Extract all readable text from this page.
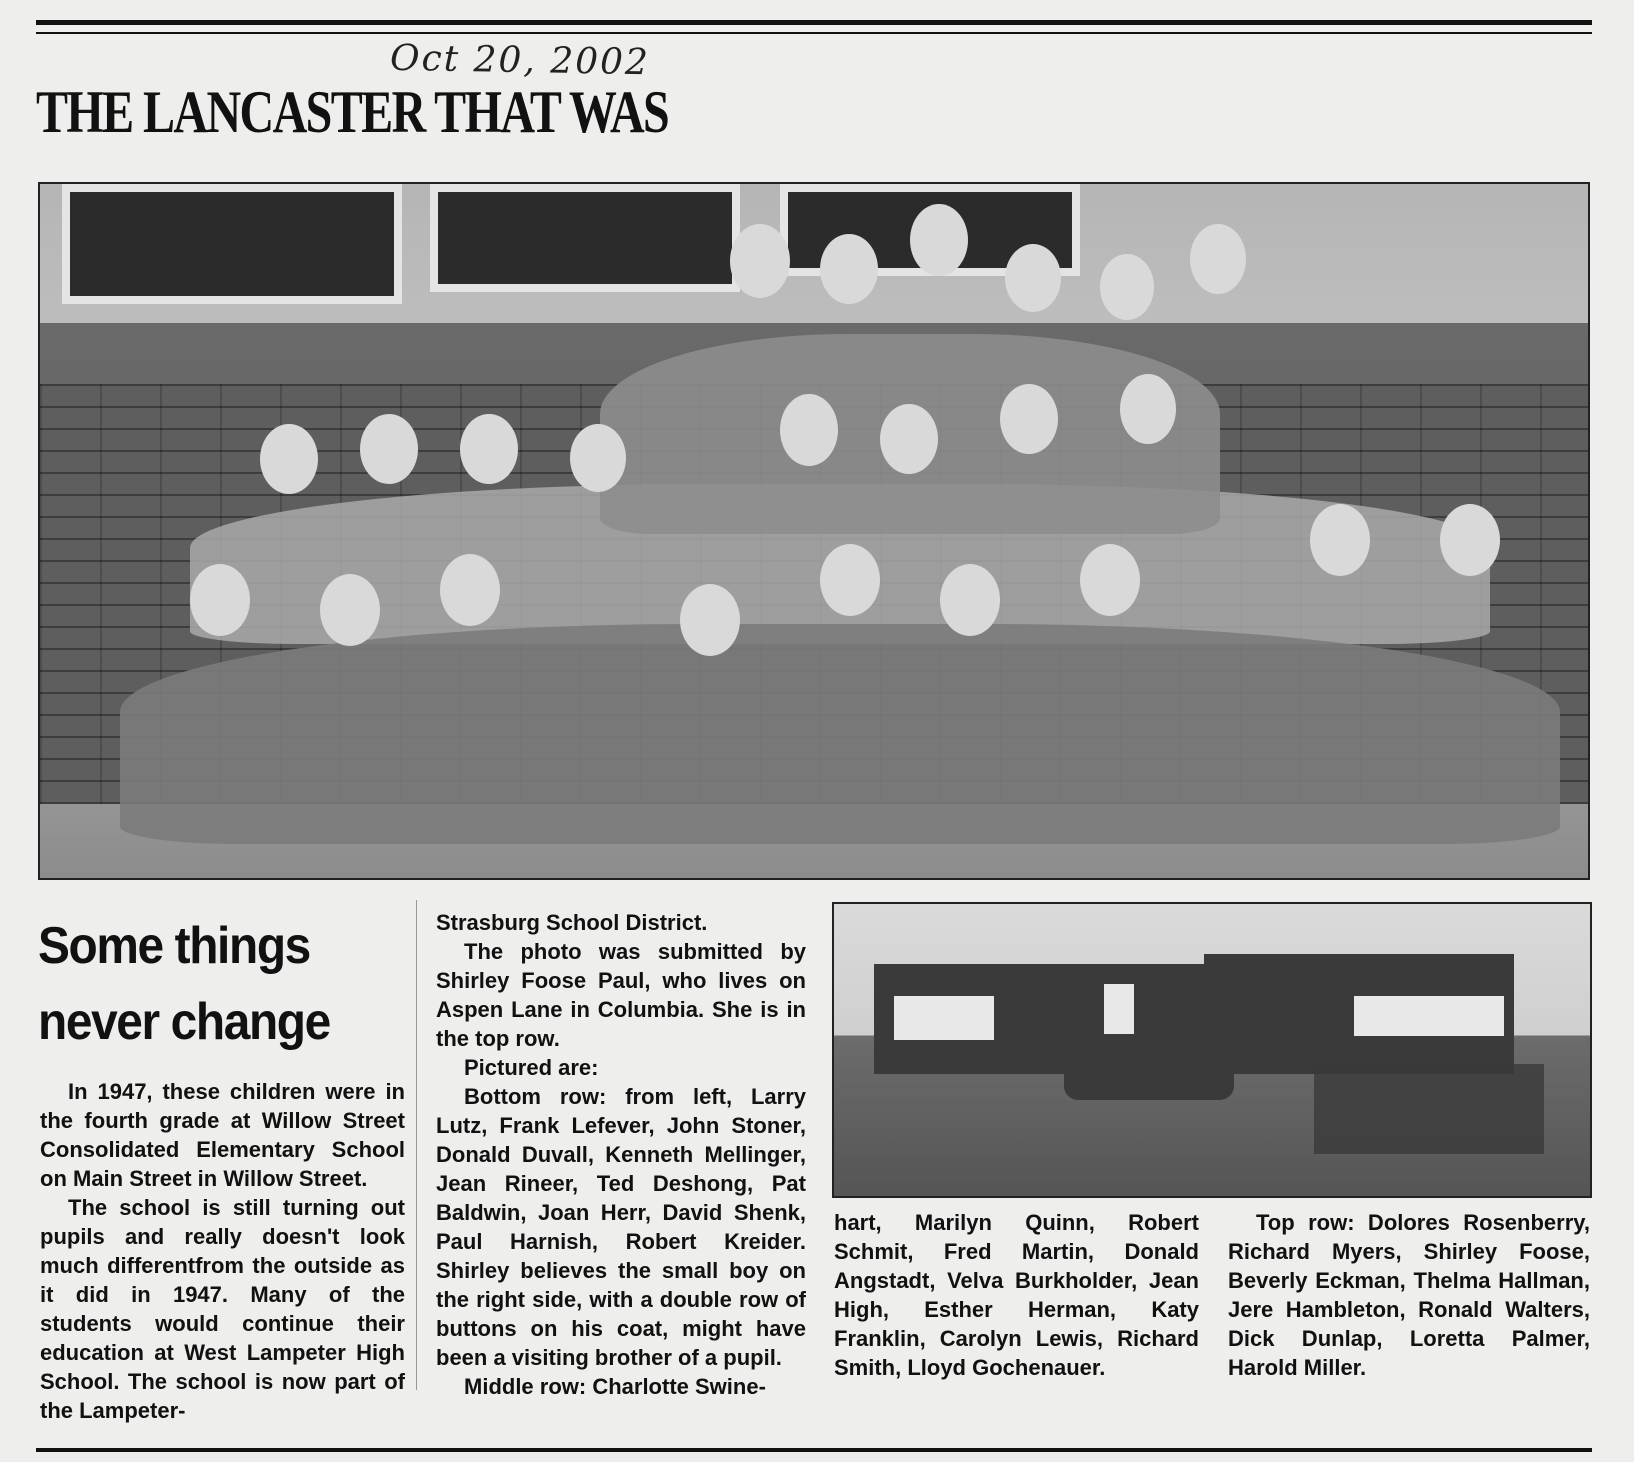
Oct 20, 2002
THE LANCASTER THAT WAS
Some things never change

In 1947, these children were in the fourth grade at Willow Street Consolidated Elementary School on Main Street in Willow Street.

The school is still turning out pupils and really doesn't look much differentfrom the outside as it did in 1947. Many of the students would continue their education at West Lampeter High School. The school is now part of the Lampeter-

Strasburg School District.

The photo was submitted by Shirley Foose Paul, who lives on Aspen Lane in Columbia. She is in the top row.

Pictured are:

Bottom row: from left, Larry Lutz, Frank Lefever, John Stoner, Donald Duvall, Kenneth Mellinger, Jean Rineer, Ted Deshong, Pat Baldwin, Joan Herr, David Shenk, Paul Harnish, Robert Kreider. Shirley believes the small boy on the right side, with a double row of buttons on his coat, might have been a visiting brother of a pupil.

Middle row: Charlotte Swine-

hart, Marilyn Quinn, Robert Schmit, Fred Martin, Donald Angstadt, Velva Burkholder, Jean High, Esther Herman, Katy Franklin, Carolyn Lewis, Richard Smith, Lloyd Gochenauer.

Top row: Dolores Rosenberry, Richard Myers, Shirley Foose, Beverly Eckman, Thelma Hallman, Jere Hambleton, Ronald Walters, Dick Dunlap, Loretta Palmer, Harold Miller.
